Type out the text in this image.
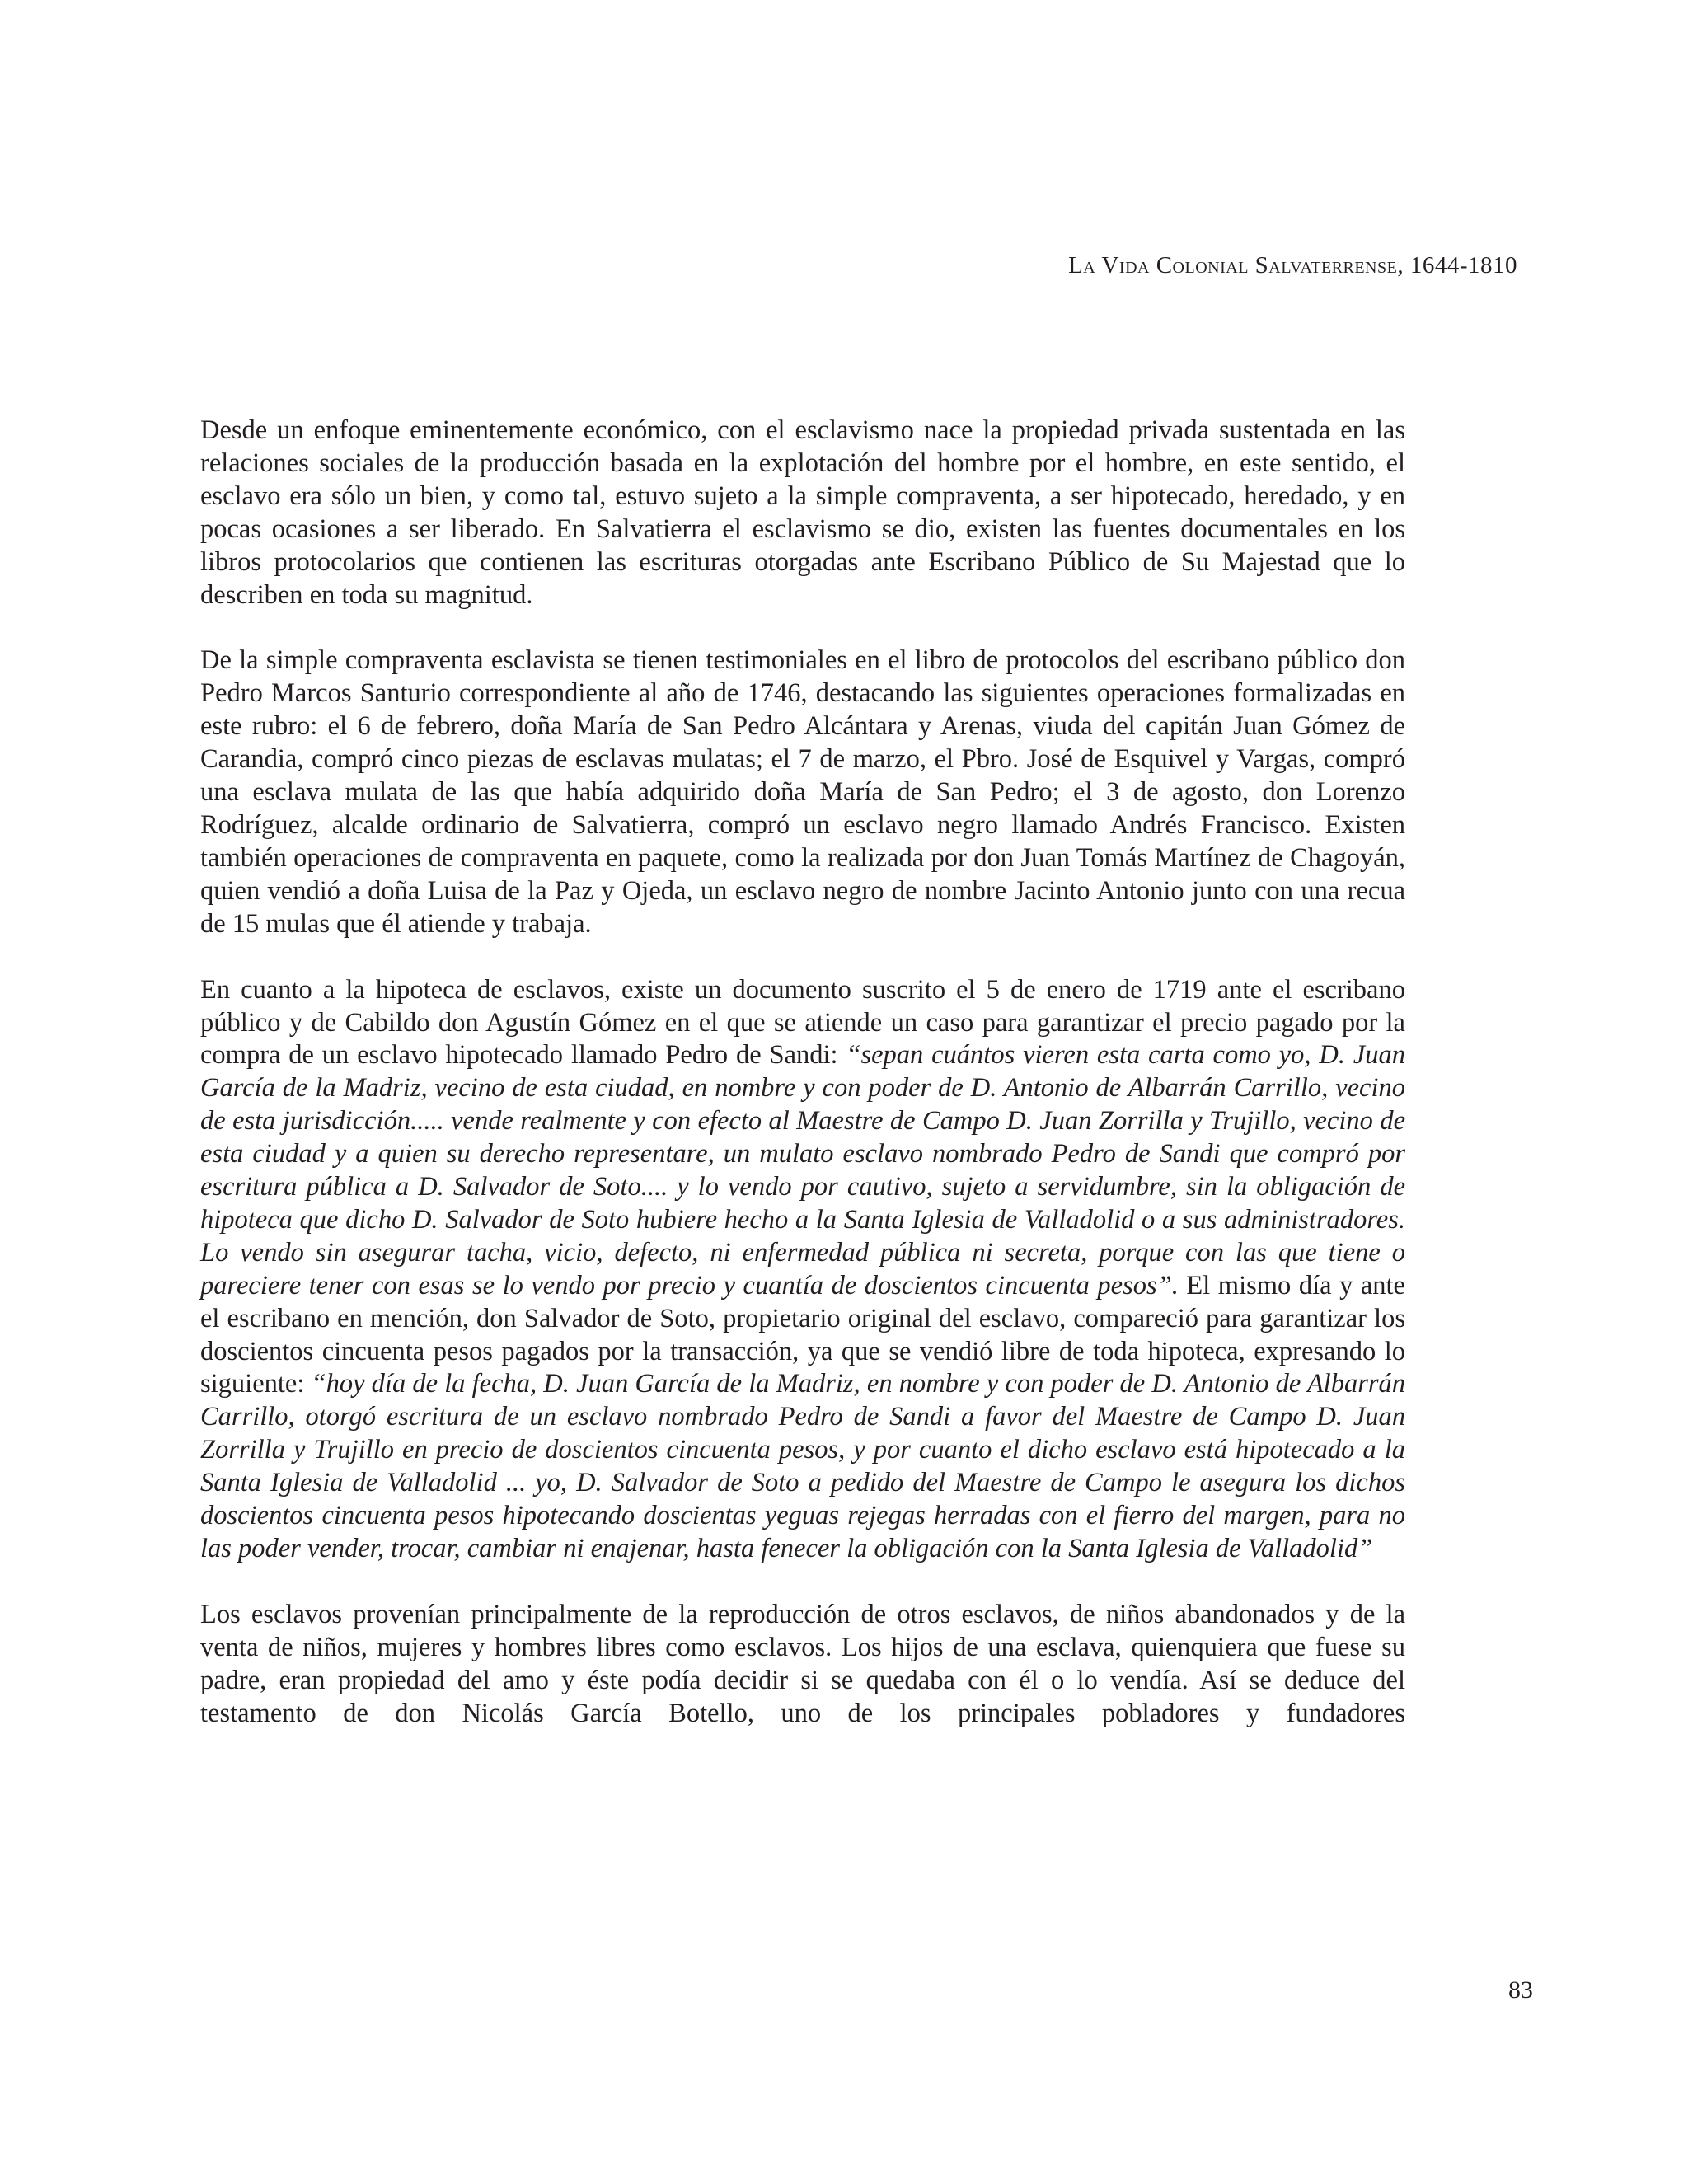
La Vida Colonial Salvaterrense, 1644-1810

Desde un enfoque eminentemente económico, con el esclavismo nace la propiedad privada sustentada en las relaciones sociales de la producción basada en la explotación del hombre por el hombre, en este sentido, el esclavo era sólo un bien, y como tal, estuvo sujeto a la simple compraventa, a ser hipotecado, heredado, y en pocas ocasiones a ser liberado. En Salvatierra el esclavismo se dio, existen las fuentes documentales en los libros protocolarios que contienen las escrituras otorgadas ante Escribano Público de Su Majestad que lo describen en toda su magnitud.

De la simple compraventa esclavista se tienen testimoniales en el libro de protocolos del escribano público don Pedro Marcos Santurio correspondiente al año de 1746, destacando las siguientes operaciones formalizadas en este rubro: el 6 de febrero, doña María de San Pedro Alcántara y Arenas, viuda del capitán Juan Gómez de Carandia, compró cinco piezas de esclavas mulatas; el 7 de marzo, el Pbro. José de Esquivel y Vargas, compró una esclava mulata de las que había adquirido doña María de San Pedro; el 3 de agosto, don Lorenzo Rodríguez, alcalde ordinario de Salvatierra, compró un esclavo negro llamado Andrés Francisco. Existen también operaciones de compraventa en paquete, como la realizada por don Juan Tomás Martínez de Chagoyán, quien vendió a doña Luisa de la Paz y Ojeda, un esclavo negro de nombre Jacinto Antonio junto con una recua de 15 mulas que él atiende y trabaja.

En cuanto a la hipoteca de esclavos, existe un documento suscrito el 5 de enero de 1719 ante el escribano público y de Cabildo don Agustín Gómez en el que se atiende un caso para garantizar el precio pagado por la compra de un esclavo hipotecado llamado Pedro de Sandi: “sepan cuántos vieren esta carta como yo, D. Juan García de la Madriz, vecino de esta ciudad, en nombre y con poder de D. Antonio de Albarrán Carrillo, vecino de esta jurisdicción..... vende realmente y con efecto al Maestre de Campo D. Juan Zorrilla y Trujillo, vecino de esta ciudad y a quien su derecho representare, un mulato esclavo nombrado Pedro de Sandi que compró por escritura pública a D. Salvador de Soto.... y lo vendo por cautivo, sujeto a servidumbre, sin la obligación de hipoteca que dicho D. Salvador de Soto hubiere hecho a la Santa Iglesia de Valladolid o a sus administradores. Lo vendo sin asegurar tacha, vicio, defecto, ni enfermedad pública ni secreta, porque con las que tiene o pareciere tener con esas se lo vendo por precio y cuantía de doscientos cincuenta pesos”. El mismo día y ante el escribano en mención, don Salvador de Soto, propietario original del esclavo, compareció para garantizar los doscientos cincuenta pesos pagados por la transacción, ya que se vendió libre de toda hipoteca, expresando lo siguiente: “hoy día de la fecha, D. Juan García de la Madriz, en nombre y con poder de D. Antonio de Albarrán Carrillo, otorgó escritura de un esclavo nombrado Pedro de Sandi a favor del Maestre de Campo D. Juan Zorrilla y Trujillo en precio de doscientos cincuenta pesos, y por cuanto el dicho esclavo está hipotecado a la Santa Iglesia de Valladolid ... yo, D. Salvador de Soto a pedido del Maestre de Campo le asegura los dichos doscientos cincuenta pesos hipotecando doscientas yeguas rejegas herradas con el fierro del margen, para no las poder vender, trocar, cambiar ni enajenar, hasta fenecer la obligación con la Santa Iglesia de Valladolid”

Los esclavos provenían principalmente de la reproducción de otros esclavos, de niños abandonados y de la venta de niños, mujeres y hombres libres como esclavos. Los hijos de una esclava, quienquiera que fuese su padre, eran propiedad del amo y éste podía decidir si se quedaba con él o lo vendía. Así se deduce del testamento de don Nicolás García Botello, uno de los principales pobladores y fundadores

83
